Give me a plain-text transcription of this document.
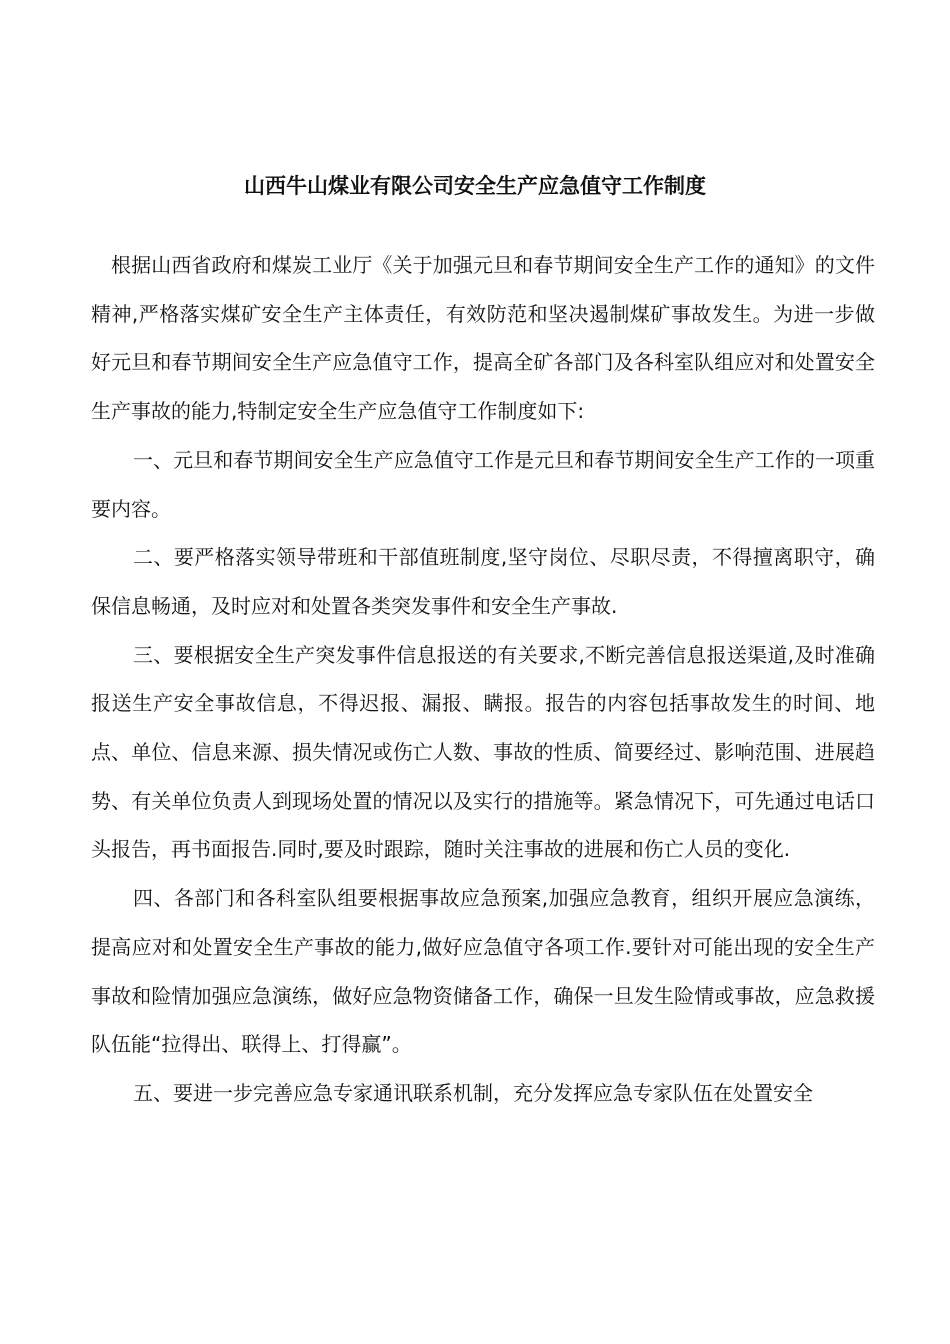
山西牛山煤业有限公司安全生产应急值守工作制度

根据山西省政府和煤炭工业厅《关于加强元旦和春节期间安全生产工作的通知》的文件精神,严格落实煤矿安全生产主体责任，有效防范和坚决遏制煤矿事故发生。为进一步做好元旦和春节期间安全生产应急值守工作，提高全矿各部门及各科室队组应对和处置安全生产事故的能力,特制定安全生产应急值守工作制度如下:

一、元旦和春节期间安全生产应急值守工作是元旦和春节期间安全生产工作的一项重要内容。

二、要严格落实领导带班和干部值班制度,坚守岗位、尽职尽责，不得擅离职守，确保信息畅通，及时应对和处置各类突发事件和安全生产事故.

三、要根据安全生产突发事件信息报送的有关要求,不断完善信息报送渠道,及时准确报送生产安全事故信息，不得迟报、漏报、瞒报。报告的内容包括事故发生的时间、地点、单位、信息来源、损失情况或伤亡人数、事故的性质、简要经过、影响范围、进展趋势、有关单位负责人到现场处置的情况以及实行的措施等。紧急情况下，可先通过电话口头报告，再书面报告.同时,要及时跟踪，随时关注事故的进展和伤亡人员的变化.

四、各部门和各科室队组要根据事故应急预案,加强应急教育，组织开展应急演练，提高应对和处置安全生产事故的能力,做好应急值守各项工作.要针对可能出现的安全生产事故和险情加强应急演练，做好应急物资储备工作，确保一旦发生险情或事故，应急救援队伍能“拉得出、联得上、打得赢”。

五、要进一步完善应急专家通讯联系机制，充分发挥应急专家队伍在处置安全
